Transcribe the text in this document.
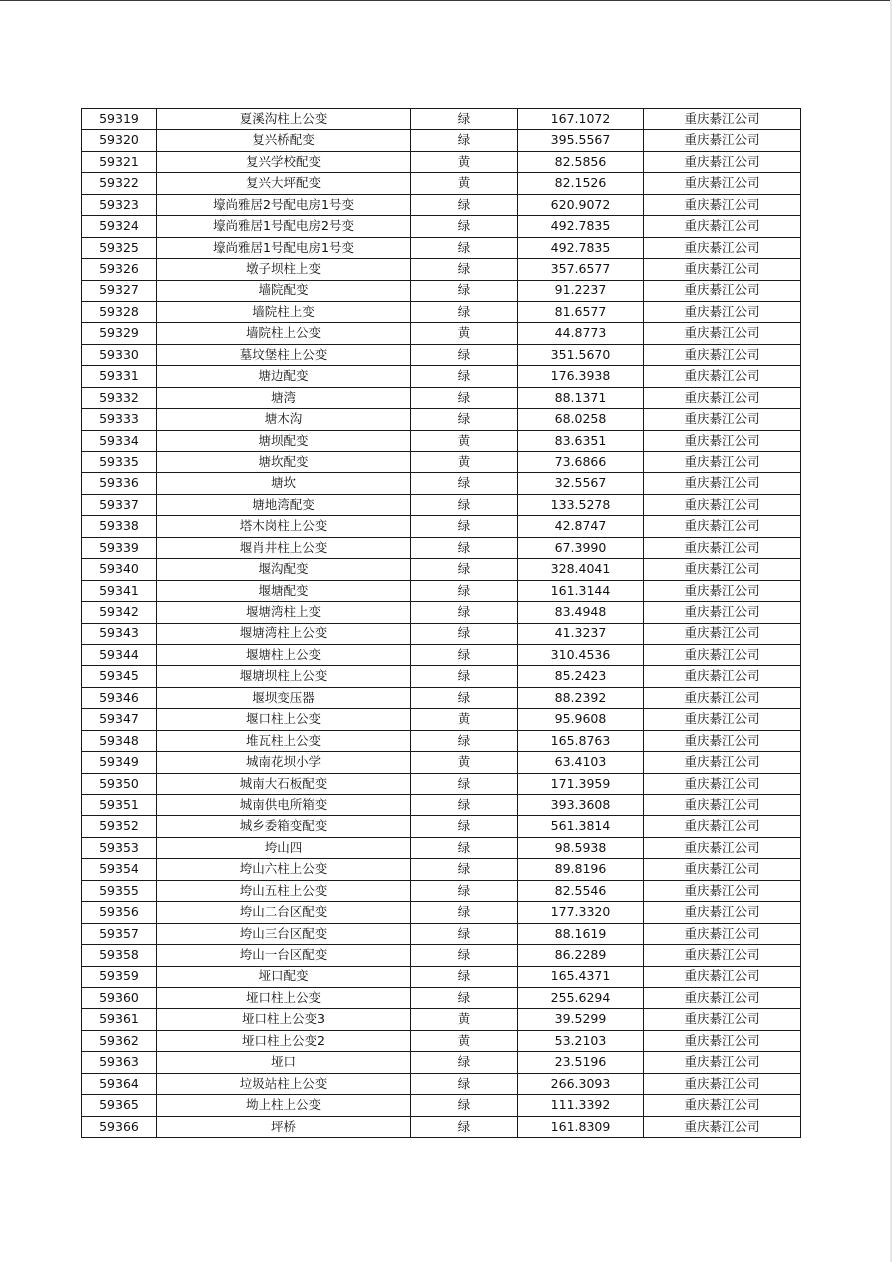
59319	夏溪沟柱上公变	绿	167.1072	重庆綦江公司
59320	复兴桥配变	绿	395.5567	重庆綦江公司
59321	复兴学校配变	黄	82.5856	重庆綦江公司
59322	复兴大坪配变	黄	82.1526	重庆綦江公司
59323	壕尚雅居2号配电房1号变	绿	620.9072	重庆綦江公司
59324	壕尚雅居1号配电房2号变	绿	492.7835	重庆綦江公司
59325	壕尚雅居1号配电房1号变	绿	492.7835	重庆綦江公司
59326	墩子坝柱上变	绿	357.6577	重庆綦江公司
59327	墙院配变	绿	91.2237	重庆綦江公司
59328	墙院柱上变	绿	81.6577	重庆綦江公司
59329	墙院柱上公变	黄	44.8773	重庆綦江公司
59330	墓坟堡柱上公变	绿	351.5670	重庆綦江公司
59331	塘边配变	绿	176.3938	重庆綦江公司
59332	塘湾	绿	88.1371	重庆綦江公司
59333	塘木沟	绿	68.0258	重庆綦江公司
59334	塘坝配变	黄	83.6351	重庆綦江公司
59335	塘坎配变	黄	73.6866	重庆綦江公司
59336	塘坎	绿	32.5567	重庆綦江公司
59337	塘地湾配变	绿	133.5278	重庆綦江公司
59338	塔木岗柱上公变	绿	42.8747	重庆綦江公司
59339	堰肖井柱上公变	绿	67.3990	重庆綦江公司
59340	堰沟配变	绿	328.4041	重庆綦江公司
59341	堰塘配变	绿	161.3144	重庆綦江公司
59342	堰塘湾柱上变	绿	83.4948	重庆綦江公司
59343	堰塘湾柱上公变	绿	41.3237	重庆綦江公司
59344	堰塘柱上公变	绿	310.4536	重庆綦江公司
59345	堰塘坝柱上公变	绿	85.2423	重庆綦江公司
59346	堰坝变压器	绿	88.2392	重庆綦江公司
59347	堰口柱上公变	黄	95.9608	重庆綦江公司
59348	堆瓦柱上公变	绿	165.8763	重庆綦江公司
59349	城南花坝小学	黄	63.4103	重庆綦江公司
59350	城南大石板配变	绿	171.3959	重庆綦江公司
59351	城南供电所箱变	绿	393.3608	重庆綦江公司
59352	城乡委箱变配变	绿	561.3814	重庆綦江公司
59353	垮山四	绿	98.5938	重庆綦江公司
59354	垮山六柱上公变	绿	89.8196	重庆綦江公司
59355	垮山五柱上公变	绿	82.5546	重庆綦江公司
59356	垮山二台区配变	绿	177.3320	重庆綦江公司
59357	垮山三台区配变	绿	88.1619	重庆綦江公司
59358	垮山一台区配变	绿	86.2289	重庆綦江公司
59359	垭口配变	绿	165.4371	重庆綦江公司
59360	垭口柱上公变	绿	255.6294	重庆綦江公司
59361	垭口柱上公变3	黄	39.5299	重庆綦江公司
59362	垭口柱上公变2	黄	53.2103	重庆綦江公司
59363	垭口	绿	23.5196	重庆綦江公司
59364	垃圾站柱上公变	绿	266.3093	重庆綦江公司
59365	坳上柱上公变	绿	111.3392	重庆綦江公司
59366	坪桥	绿	161.8309	重庆綦江公司
